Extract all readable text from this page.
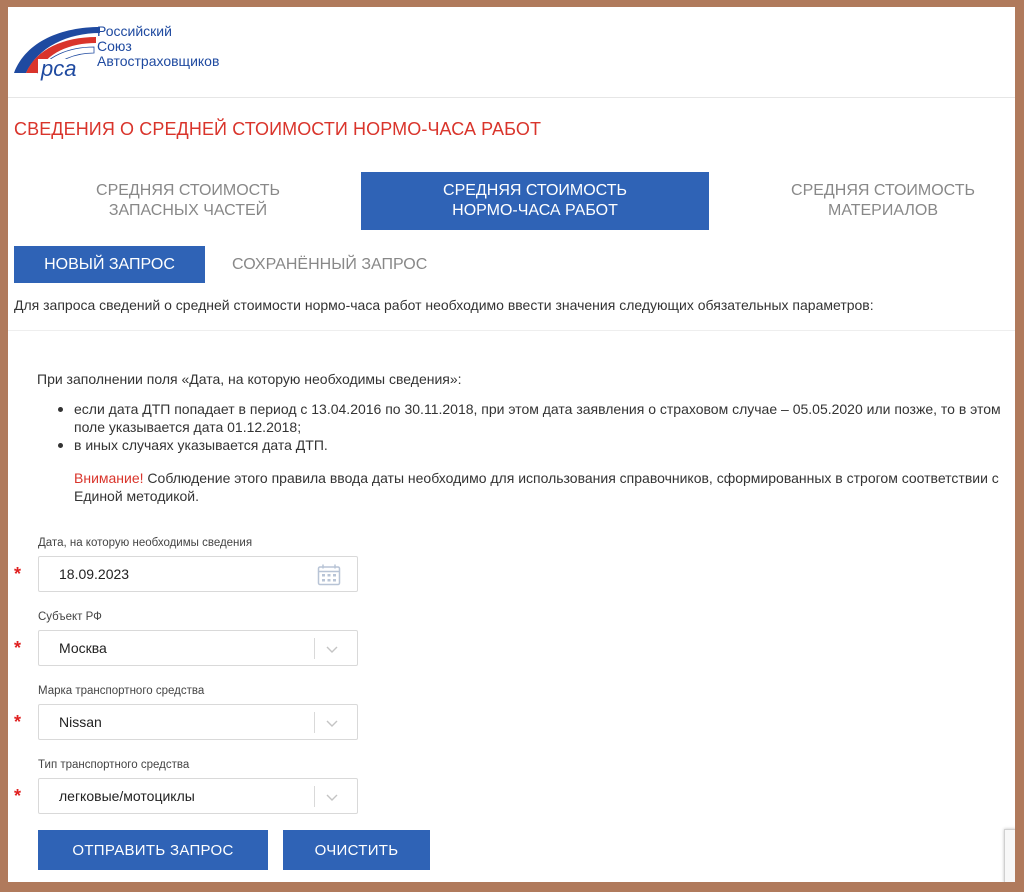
рса
Российский
Союз
Автостраховщиков
СВЕДЕНИЯ О СРЕДНЕЙ СТОИМОСТИ НОРМО-ЧАСА РАБОТ
СРЕДНЯЯ СТОИМОСТЬ
ЗАПАСНЫХ ЧАСТЕЙ
СРЕДНЯЯ СТОИМОСТЬ
НОРМО-ЧАСА РАБОТ
СРЕДНЯЯ СТОИМОСТЬ
МАТЕРИАЛОВ
НОВЫЙ ЗАПРОС	СОХРАНЁННЫЙ ЗАПРОС
Для запроса сведений о средней стоимости нормо-часа работ необходимо ввести значения следующих обязательных параметров:
При заполнении поля «Дата, на которую необходимы сведения»:
если дата ДТП попадает в период с 13.04.2016 по 30.11.2018, при этом дата заявления о страховом случае – 05.05.2020 или позже, то в этом поле указывается дата 01.12.2018;
в иных случаях указывается дата ДТП.
Внимание! Соблюдение этого правила ввода даты необходимо для использования справочников, сформированных в строгом соответствии с Единой методикой.
Дата, на которую необходимы сведения
*	18.09.2023
Субъект РФ
*	Москва
Марка транспортного средства
*	Nissan
Тип транспортного средства
*	легковые/мотоциклы
ОТПРАВИТЬ ЗАПРОС	ОЧИСТИТЬ
